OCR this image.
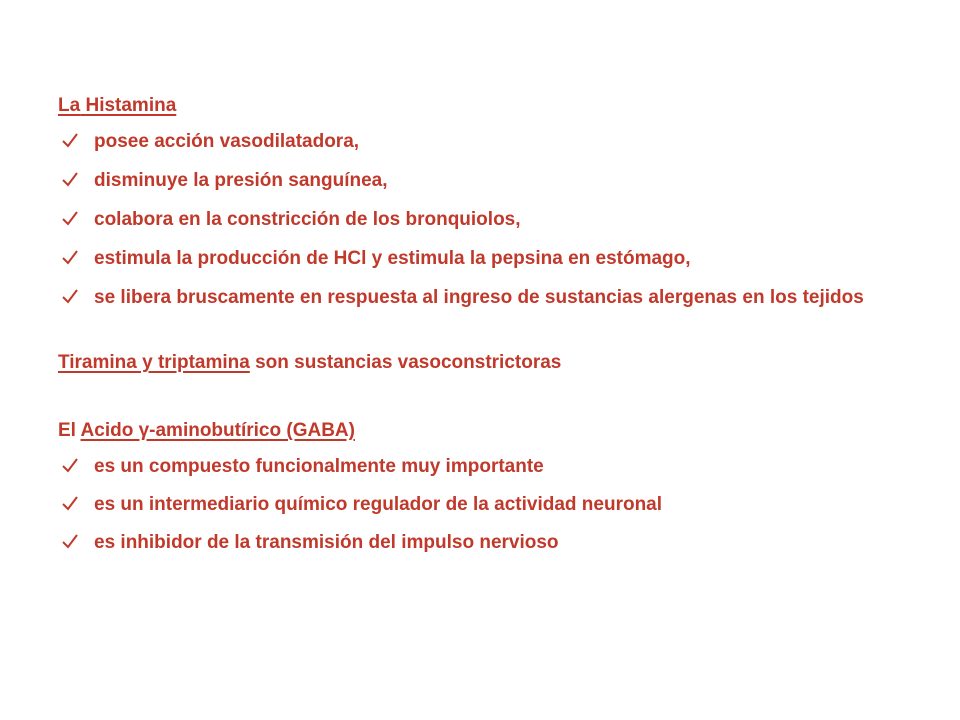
La Histamina

posee acción vasodilatadora,
disminuye la presión sanguínea,
colabora en la constricción de los bronquiolos,
estimula la producción de HCl y estimula la pepsina en estómago,
se libera bruscamente en respuesta al ingreso de sustancias alergenas en los tejidos

Tiramina y triptamina son sustancias vasoconstrictoras

El Acido γ-aminobutírico (GABA)

es un compuesto funcionalmente muy importante
es un intermediario químico regulador de la actividad neuronal
es inhibidor de la transmisión del impulso nervioso
